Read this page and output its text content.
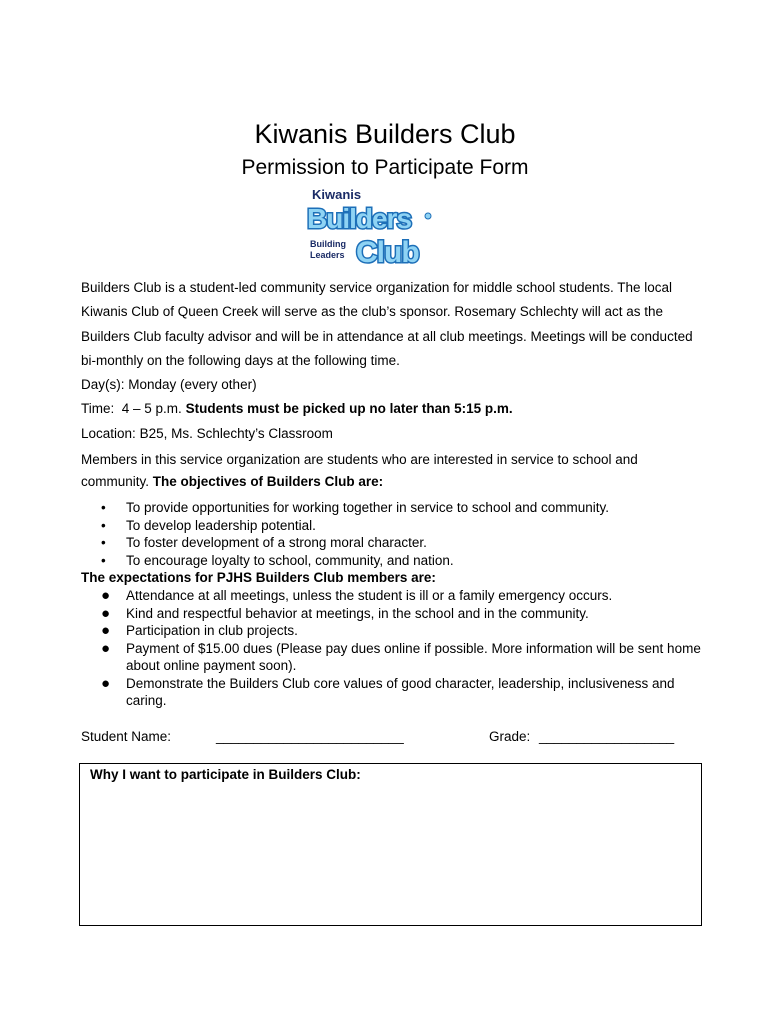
Kiwanis Builders Club
Permission to Participate Form
Kiwanis
Builders
Building
Leaders Club
Builders Club is a student-led community service organization for middle school students. The local Kiwanis Club of Queen Creek will serve as the club’s sponsor. Rosemary Schlechty will act as the Builders Club faculty advisor and will be in attendance at all club meetings. Meetings will be conducted bi-monthly on the following days at the following time.
Day(s): Monday (every other)
Time: 4 – 5 p.m. Students must be picked up no later than 5:15 p.m.
Location: B25, Ms. Schlechty’s Classroom
Members in this service organization are students who are interested in service to school and community. The objectives of Builders Club are:
• To provide opportunities for working together in service to school and community.
• To develop leadership potential.
• To foster development of a strong moral character.
• To encourage loyalty to school, community, and nation.
The expectations for PJHS Builders Club members are:
● Attendance at all meetings, unless the student is ill or a family emergency occurs.
● Kind and respectful behavior at meetings, in the school and in the community.
● Participation in club projects.
● Payment of $15.00 dues (Please pay dues online if possible. More information will be sent home about online payment soon).
● Demonstrate the Builders Club core values of good character, leadership, inclusiveness and caring.
Student Name:	_________________________	Grade: __________________
Why I want to participate in Builders Club:
